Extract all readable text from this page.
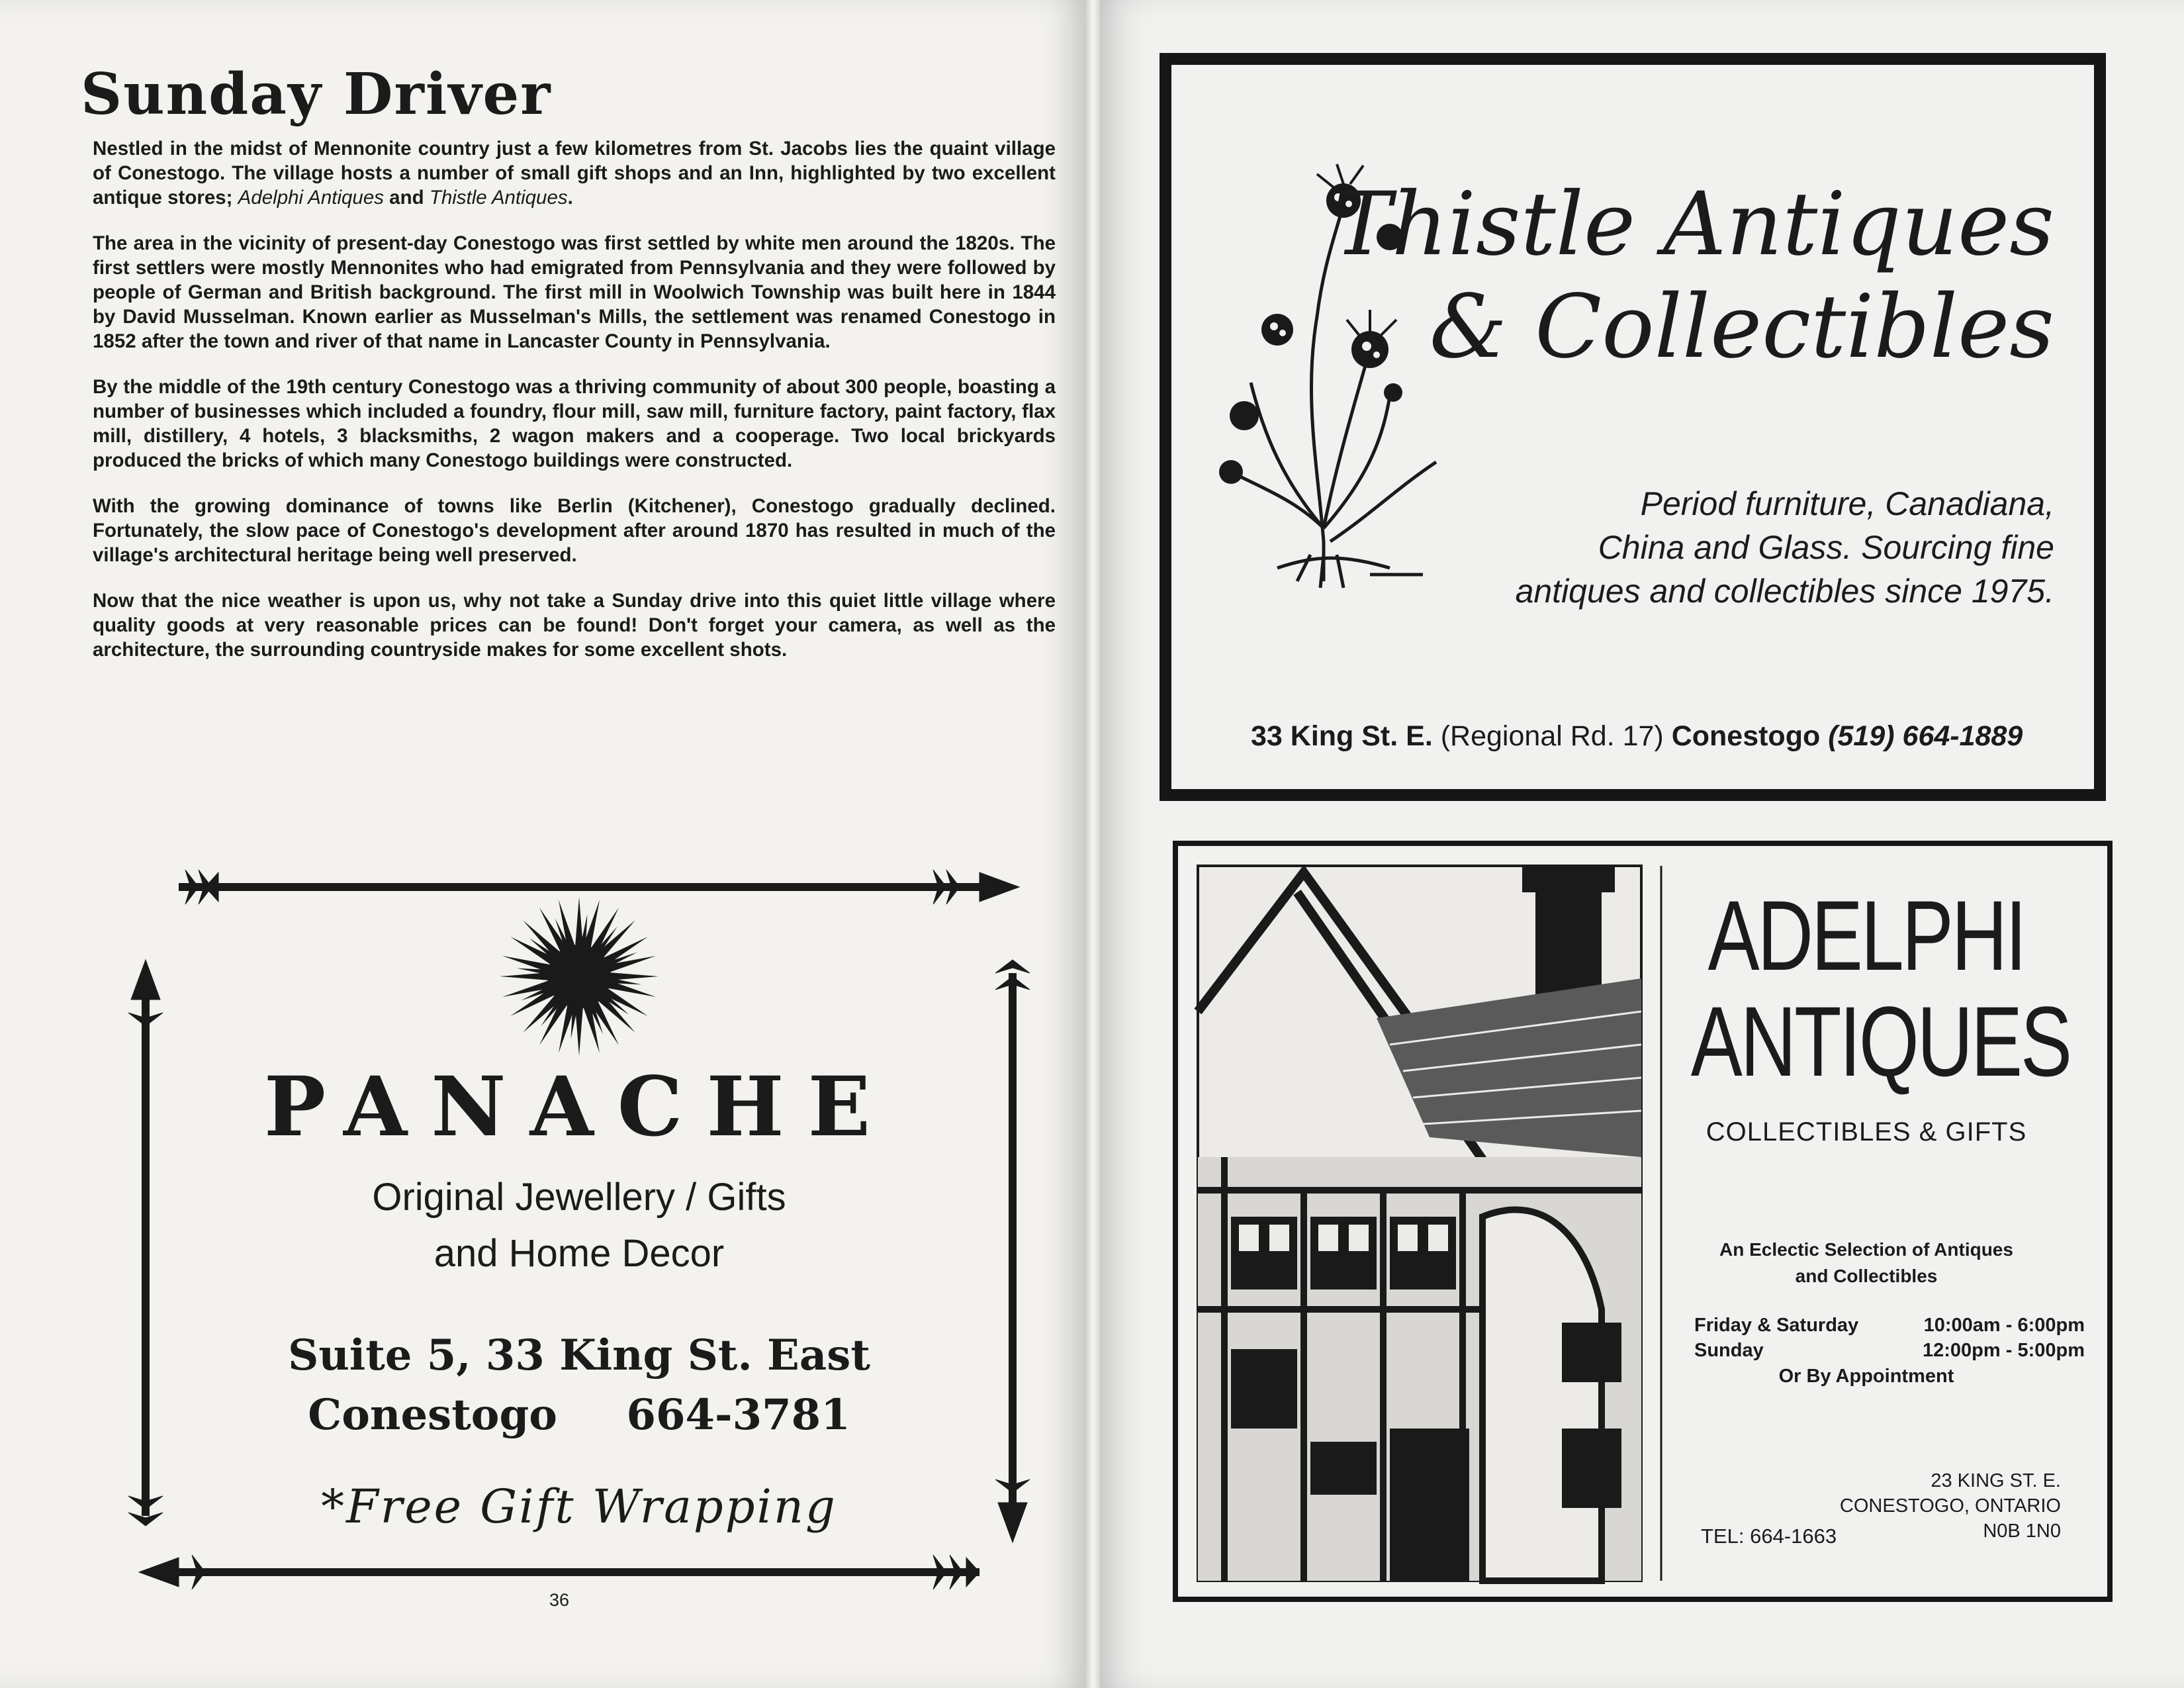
Sunday Driver

Nestled in the midst of Mennonite country just a few kilometres from St. Jacobs lies the quaint village of Conestogo. The village hosts a number of small gift shops and an Inn, highlighted by two excellent antique stores; Adelphi Antiques and Thistle Antiques.

The area in the vicinity of present-day Conestogo was first settled by white men around the 1820s. The first settlers were mostly Mennonites who had emigrated from Pennsylvania and they were followed by people of German and British background. The first mill in Woolwich Township was built here in 1844 by David Musselman. Known earlier as Musselman's Mills, the settlement was renamed Conestogo in 1852 after the town and river of that name in Lancaster County in Pennsylvania.

By the middle of the 19th century Conestogo was a thriving community of about 300 people, boasting a number of businesses which included a foundry, flour mill, saw mill, furniture factory, paint factory, flax mill, distillery, 4 hotels, 3 blacksmiths, 2 wagon makers and a cooperage. Two local brickyards produced the bricks of which many Conestogo buildings were constructed.

With the growing dominance of towns like Berlin (Kitchener), Conestogo gradually declined. Fortunately, the slow pace of Conestogo's development after around 1870 has resulted in much of the village's architectural heritage being well preserved.

Now that the nice weather is upon us, why not take a Sunday drive into this quiet little village where quality goods at very reasonable prices can be found! Don't forget your camera, as well as the architecture, the surrounding countryside makes for some excellent shots.

PANACHE
Original Jewellery / Gifts
and Home Decor
Suite 5, 33 King St. East
Conestogo 664-3781
*Free Gift Wrapping
36
Thistle Antiques
& Collectibles
Period furniture, Canadiana,
China and Glass. Sourcing fine
antiques and collectibles since 1975.
33 King St. E. (Regional Rd. 17) Conestogo (519) 664-1889
ADELPHI
ANTIQUES
COLLECTIBLES & GIFTS
An Eclectic Selection of Antiques
and Collectibles
Friday & Saturday	10:00am - 6:00pm
Sunday	12:00pm - 5:00pm
Or By Appointment
23 KING ST. E.
CONESTOGO, ONTARIO
N0B 1N0
TEL: 664-1663
